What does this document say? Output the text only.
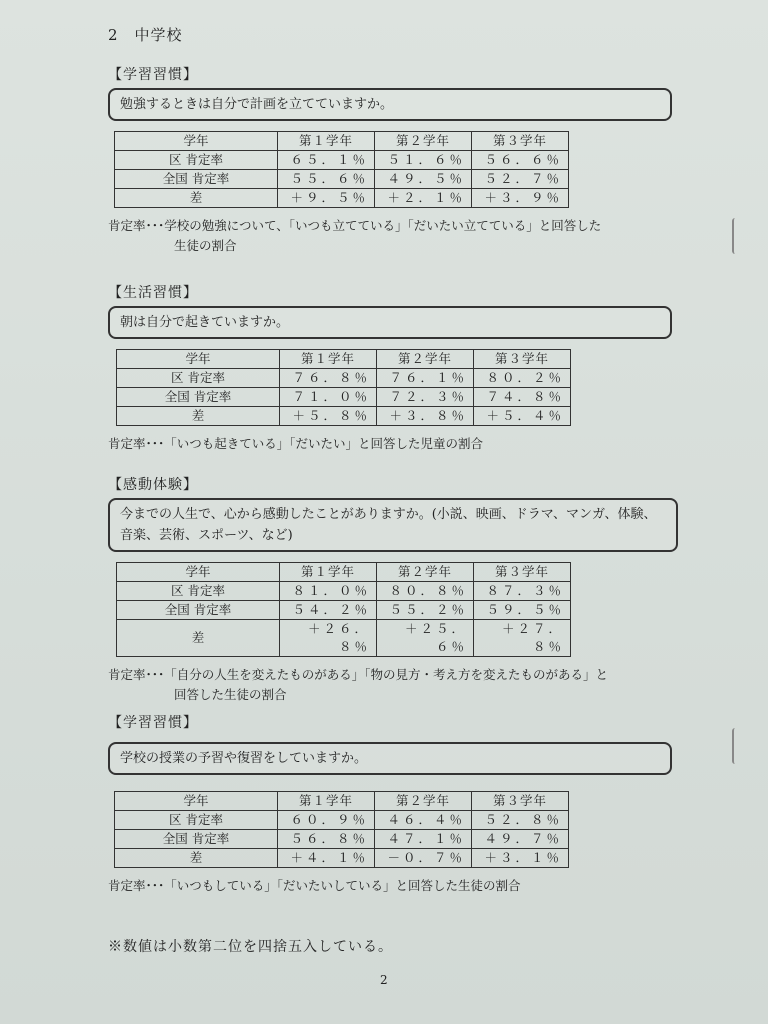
2　中学校

【学習習慣】

勉強するときは自分で計画を立てていますか。
学年	第１学年	第２学年	第３学年
区 肯定率	６５．１％	５１．６％	５６．６％
全国 肯定率	５５．６％	４９．５％	５２．７％
差	＋９．５％	＋２．１％	＋３．９％
肯定率･･･学校の勉強について、「いつも立てている」「だいたい立てている」と回答した
生徒の割合

【生活習慣】

朝は自分で起きていますか。
学年	第１学年	第２学年	第３学年
区 肯定率	７６．８％	７６．１％	８０．２％
全国 肯定率	７１．０％	７２．３％	７４．８％
差	＋５．８％	＋３．８％	＋５．４％
肯定率･･･「いつも起きている」「だいたい」と回答した児童の割合

【感動体験】

今までの人生で、心から感動したことがありますか。(小説、映画、ドラマ、マンガ、体験、音楽、芸術、スポーツ、など)
学年	第１学年	第２学年	第３学年
区 肯定率	８１．０％	８０．８％	８７．３％
全国 肯定率	５４．２％	５５．２％	５９．５％
差	＋２６．８％	＋２５．６％	＋２７．８％
肯定率･･･「自分の人生を変えたものがある」「物の見方・考え方を変えたものがある」と
回答した生徒の割合

【学習習慣】

学校の授業の予習や復習をしていますか。
学年	第１学年	第２学年	第３学年
区 肯定率	６０．９％	４６．４％	５２．８％
全国 肯定率	５６．８％	４７．１％	４９．７％
差	＋４．１％	－０．７％	＋３．１％
肯定率･･･「いつもしている」「だいたいしている」と回答した生徒の割合
※数値は小数第二位を四捨五入している。
2
